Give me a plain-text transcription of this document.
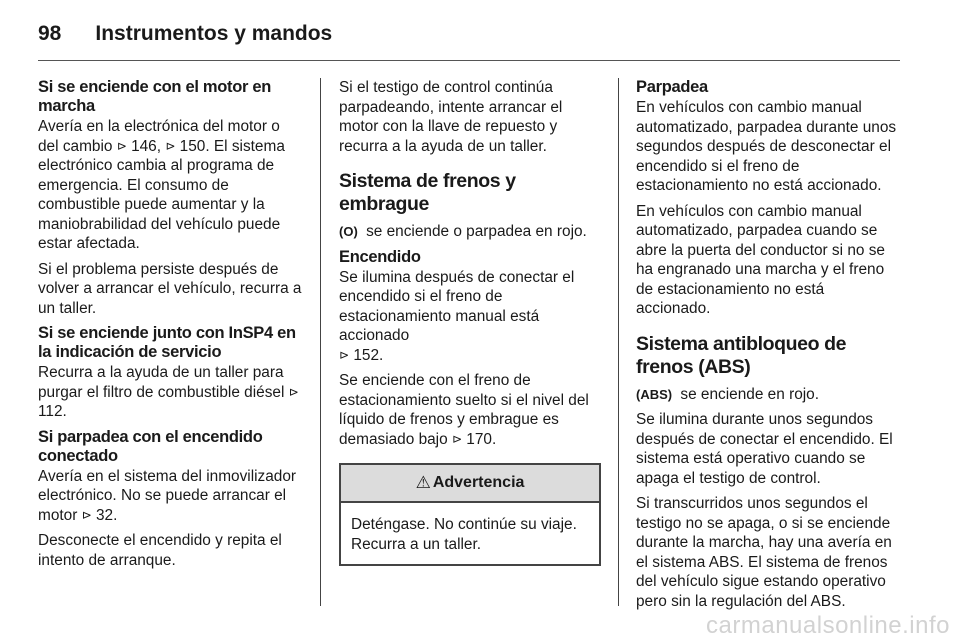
98 Instrumentos y mandos
Si se enciende con el motor en marcha

Avería en la electrónica del motor o del cambio ⊳ 146, ⊳ 150. El sistema electrónico cambia al programa de emergencia. El consumo de combustible puede aumentar y la maniobrabilidad del vehículo puede estar afectada.

Si el problema persiste después de volver a arrancar el vehículo, recurra a un taller.

Si se enciende junto con InSP4 en la indicación de servicio

Recurra a la ayuda de un taller para purgar el filtro de combustible diésel ⊳ 112.

Si parpadea con el encendido conectado

Avería en el sistema del inmovilizador electrónico. No se puede arrancar el motor ⊳ 32.

Desconecte el encendido y repita el intento de arranque.

Si el testigo de control continúa parpadeando, intente arrancar el motor con la llave de repuesto y recurra a la ayuda de un taller.

Sistema de frenos y embrague

(O) se enciende o parpadea en rojo.

Encendido

Se ilumina después de conectar el encendido si el freno de estacionamiento manual está accionado
⊳ 152.

Se enciende con el freno de estacionamiento suelto si el nivel del líquido de frenos y embrague es demasiado bajo ⊳ 170.

⚠ Advertencia
Deténgase. No continúe su viaje. Recurra a un taller.
Parpadea

En vehículos con cambio manual automatizado, parpadea durante unos segundos después de desconectar el encendido si el freno de estacionamiento no está accionado.

En vehículos con cambio manual automatizado, parpadea cuando se abre la puerta del conductor si no se ha engranado una marcha y el freno de estacionamiento no está accionado.

Sistema antibloqueo de frenos (ABS)

(ABS) se enciende en rojo.

Se ilumina durante unos segundos después de conectar el encendido. El sistema está operativo cuando se apaga el testigo de control.

Si transcurridos unos segundos el testigo no se apaga, o si se enciende durante la marcha, hay una avería en el sistema ABS. El sistema de frenos del vehículo sigue estando operativo pero sin la regulación del ABS.

carmanualsonline.info
